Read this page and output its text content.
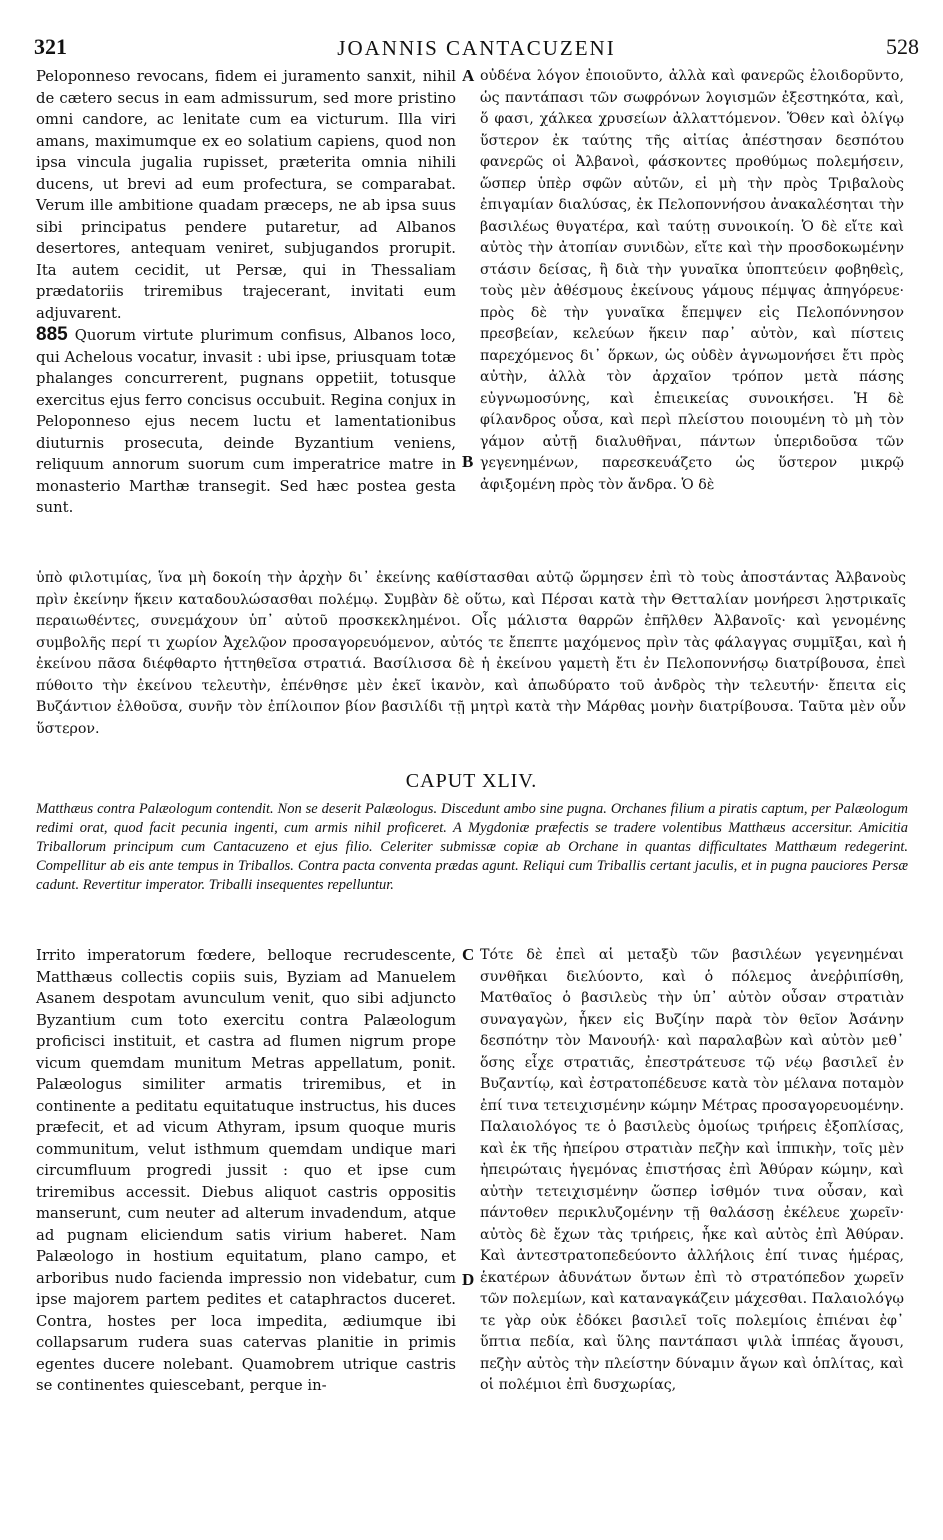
321	JOANNIS CANTACUZENI	528

Peloponneso revocans, fidem ei juramento sanxit, nihil de cætero secus in eam admissurum, sed more pristino omni candore, ac lenitate cum ea victurum. Illa viri amans, maximumque ex eo solatium capiens, quod non ipsa vincula jugalia rupisset, præterita omnia nihili ducens, ut brevi ad eum profectura, se comparabat. Verum ille ambitione quadam præceps, ne ab ipsa suus sibi principatus pendere putaretur, ad Albanos desertores, antequam veniret, subjugandos prorupit. Ita autem cecidit, ut Persæ, qui in Thessaliam prædatoriis triremibus trajecerant, invitati eum adjuvarent.

885 Quorum virtute plurimum confisus, Albanos loco, qui Achelous vocatur, invasit : ubi ipse, priusquam totæ phalanges concurrerent, pugnans oppetiit, totusque exercitus ejus ferro concisus occubuit. Regina conjux in Peloponneso ejus necem luctu et lamentationibus diuturnis prosecuta, deinde Byzantium veniens, reliquum annorum suorum cum imperatrice matre in monasterio Marthæ transegit. Sed hæc postea gesta sunt.

A
B

οὐδένα λόγον ἐποιοῦντο, ἀλλὰ καὶ φανερῶς ἐλοιδορῦντο, ὡς παντάπασι τῶν σωφρόνων λογισμῶν ἐξεστηκότα, καὶ, ὅ φασι, χάλκεα χρυσείων ἀλλαττόμενον. Ὅθεν καὶ ὀλίγῳ ὕστερον ἐκ ταύτης τῆς αἰτίας ἀπέστησαν δεσπότου φανερῶς οἱ Ἀλβανοὶ, φάσκοντες προθύμως πολεμήσειν, ὥσπερ ὑπὲρ σφῶν αὐτῶν, εἰ μὴ τὴν πρὸς Τριβαλοὺς ἐπιγαμίαν διαλύσας, ἐκ Πελοποννήσου ἀνακαλέσηται τὴν βασιλέως θυγατέρα, καὶ ταύτῃ συνοικοίη. Ὁ δὲ εἴτε καὶ αὐτὸς τὴν ἀτοπίαν συνιδὼν, εἴτε καὶ τὴν προσδοκωμένην στάσιν δείσας, ἢ διὰ τὴν γυναῖκα ὑποπτεύειν φοβηθεὶς, τοὺς μὲν ἀθέσμους ἐκείνους γάμους πέμψας ἀπηγόρευε· πρὸς δὲ τὴν γυναῖκα ἔπεμψεν εἰς Πελοπόννησον πρεσβείαν, κελεύων ἥκειν παρ᾽ αὐτὸν, καὶ πίστεις παρεχόμενος δι᾽ ὅρκων, ὡς οὐδὲν ἀγνωμονήσει ἔτι πρὸς αὐτὴν, ἀλλὰ τὸν ἀρχαῖον τρόπον μετὰ πάσης εὐγνωμοσύνης, καὶ ἐπιεικείας συνοικήσει. Ἡ δὲ φίλανδρος οὖσα, καὶ περὶ πλείστου ποιουμένη τὸ μὴ τὸν γάμον αὐτῇ διαλυθῆναι, πάντων ὑπεριδοῦσα τῶν γεγενημένων, παρεσκευάζετο ὡς ὕστερον μικρῷ ἀφιξομένη πρὸς τὸν ἄνδρα. Ὁ δὲ

ὑπὸ φιλοτιμίας, ἵνα μὴ δοκοίη τὴν ἀρχὴν δι᾽ ἐκείνης καθίστασθαι αὐτῷ ὥρμησεν ἐπὶ τὸ τοὺς ἀποστάντας Ἀλβανοὺς πρὶν ἐκείνην ἥκειν καταδουλώσασθαι πολέμῳ. Συμβὰν δὲ οὕτω, καὶ Πέρσαι κατὰ τὴν Θετταλίαν μονήρεσι λῃστρικαῖς περαιωθέντες, συνεμάχουν ὑπ᾽ αὐτοῦ προσκεκλημένοι. Οἷς μάλιστα θαρρῶν ἐπῆλθεν Ἀλβανοῖς· καὶ γενομένης συμβολῆς περί τι χωρίον Ἀχελῷον προσαγορευόμενον, αὐτός τε ἔπεπτε μαχόμενος πρὶν τὰς φάλαγγας συμμῖξαι, καὶ ἡ ἐκείνου πᾶσα διέφθαρτο ἡττηθεῖσα στρατιά. Βασίλισσα δὲ ἡ ἐκείνου γαμετὴ ἔτι ἐν Πελοποννήσῳ διατρίβουσα, ἐπεὶ πύθοιτο τὴν ἐκείνου τελευτὴν, ἐπένθησε μὲν ἐκεῖ ἱκανὸν, καὶ ἀπωδύρατο τοῦ ἀνδρὸς τὴν τελευτήν· ἔπειτα εἰς Βυζάντιον ἐλθοῦσα, συνῆν τὸν ἐπίλοιπον βίον βασιλίδι τῇ μητρὶ κατὰ τὴν Μάρθας μονὴν διατρίβουσα. Ταῦτα μὲν οὖν ὕστερον.

CAPUT XLIV.

Matthæus contra Palæologum contendit. Non se deserit Palæologus. Discedunt ambo sine pugna. Orchanes filium a piratis captum, per Palæologum redimi orat, quod facit pecunia ingenti, cum armis nihil proficeret. A Mygdoniæ præfectis se tradere volentibus Matthæus accersitur. Amicitia Triballorum principum cum Cantacuzeno et ejus filio. Celeriter submissæ copiæ ab Orchane in quantas difficultates Matthæum redegerint. Compellitur ab eis ante tempus in Triballos. Contra pacta conventa prædas agunt. Reliqui cum Triballis certant jaculis, et in pugna pauciores Persæ cadunt. Revertitur imperator. Triballi insequentes repelluntur.

Irrito imperatorum fœdere, belloque recrudescente, Matthæus collectis copiis suis, Byziam ad Manuelem Asanem despotam avunculum venit, quo sibi adjuncto Byzantium cum toto exercitu contra Palæologum proficisci instituit, et castra ad flumen nigrum prope vicum quemdam munitum Metras appellatum, ponit. Palæologus similiter armatis triremibus, et in continente a peditatu equitatuque instructus, his duces præfecit, et ad vicum Athyram, ipsum quoque muris communitum, velut isthmum quemdam undique mari circumfluum progredi jussit : quo et ipse cum triremibus accessit. Diebus aliquot castris oppositis manserunt, cum neuter ad alterum invadendum, atque ad pugnam eliciendum satis virium haberet. Nam Palæologo in hostium equitatum, plano campo, et arboribus nudo facienda impressio non videbatur, cum ipse majorem partem pedites et cataphractos duceret. Contra, hostes per loca impedita, ædiumque ibi collapsarum rudera suas catervas planitie in primis egentes ducere nolebant. Quamobrem utrique castris se continentes quiescebant, perque in-

C
D

Τότε δὲ ἐπεὶ αἱ μεταξὺ τῶν βασιλέων γεγενημέναι συνθῆκαι διελύοντο, καὶ ὁ πόλεμος ἀνεῤῥιπίσθη, Ματθαῖος ὁ βασιλεὺς τὴν ὑπ᾽ αὐτὸν οὖσαν στρατιὰν συναγαγὼν, ἧκεν εἰς Βυζίην παρὰ τὸν θεῖον Ἀσάνην δεσπότην τὸν Μανουήλ· καὶ παραλαβὼν καὶ αὐτὸν μεθ᾽ ὅσης εἶχε στρατιᾶς, ἐπεστράτευσε τῷ νέῳ βασιλεῖ ἐν Βυζαντίῳ, καὶ ἐστρατοπέδευσε κατὰ τὸν μέλανα ποταμὸν ἐπί τινα τετειχισμένην κώμην Μέτρας προσαγορευομένην. Παλαιολόγος τε ὁ βασιλεὺς ὁμοίως τριήρεις ἐξοπλίσας, καὶ ἐκ τῆς ἠπείρου στρατιὰν πεζὴν καὶ ἱππικὴν, τοῖς μὲν ἠπειρώταις ἡγεμόνας ἐπιστήσας ἐπὶ Ἀθύραν κώμην, καὶ αὐτὴν τετειχισμένην ὥσπερ ἰσθμόν τινα οὖσαν, καὶ πάντοθεν περικλυζομένην τῇ θαλάσσῃ ἐκέλευε χωρεῖν· αὐτὸς δὲ ἔχων τὰς τριήρεις, ἧκε καὶ αὐτὸς ἐπὶ Ἀθύραν. Καὶ ἀντεστρατοπεδεύοντο ἀλλήλοις ἐπί τινας ἡμέρας, ἑκατέρων ἀδυνάτων ὄντων ἐπὶ τὸ στρατόπεδον χωρεῖν τῶν πολεμίων, καὶ καταναγκάζειν μάχεσθαι. Παλαιολόγῳ τε γὰρ οὐκ ἐδόκει βασιλεῖ τοῖς πολεμίοις ἐπιέναι ἐφ᾽ ὕπτια πεδία, καὶ ὕλης παντάπασι ψιλὰ ἱππέας ἄγουσι, πεζὴν αὐτὸς τὴν πλείστην δύναμιν ἄγων καὶ ὁπλίτας, καὶ οἱ πολέμιοι ἐπὶ δυσχωρίας,
